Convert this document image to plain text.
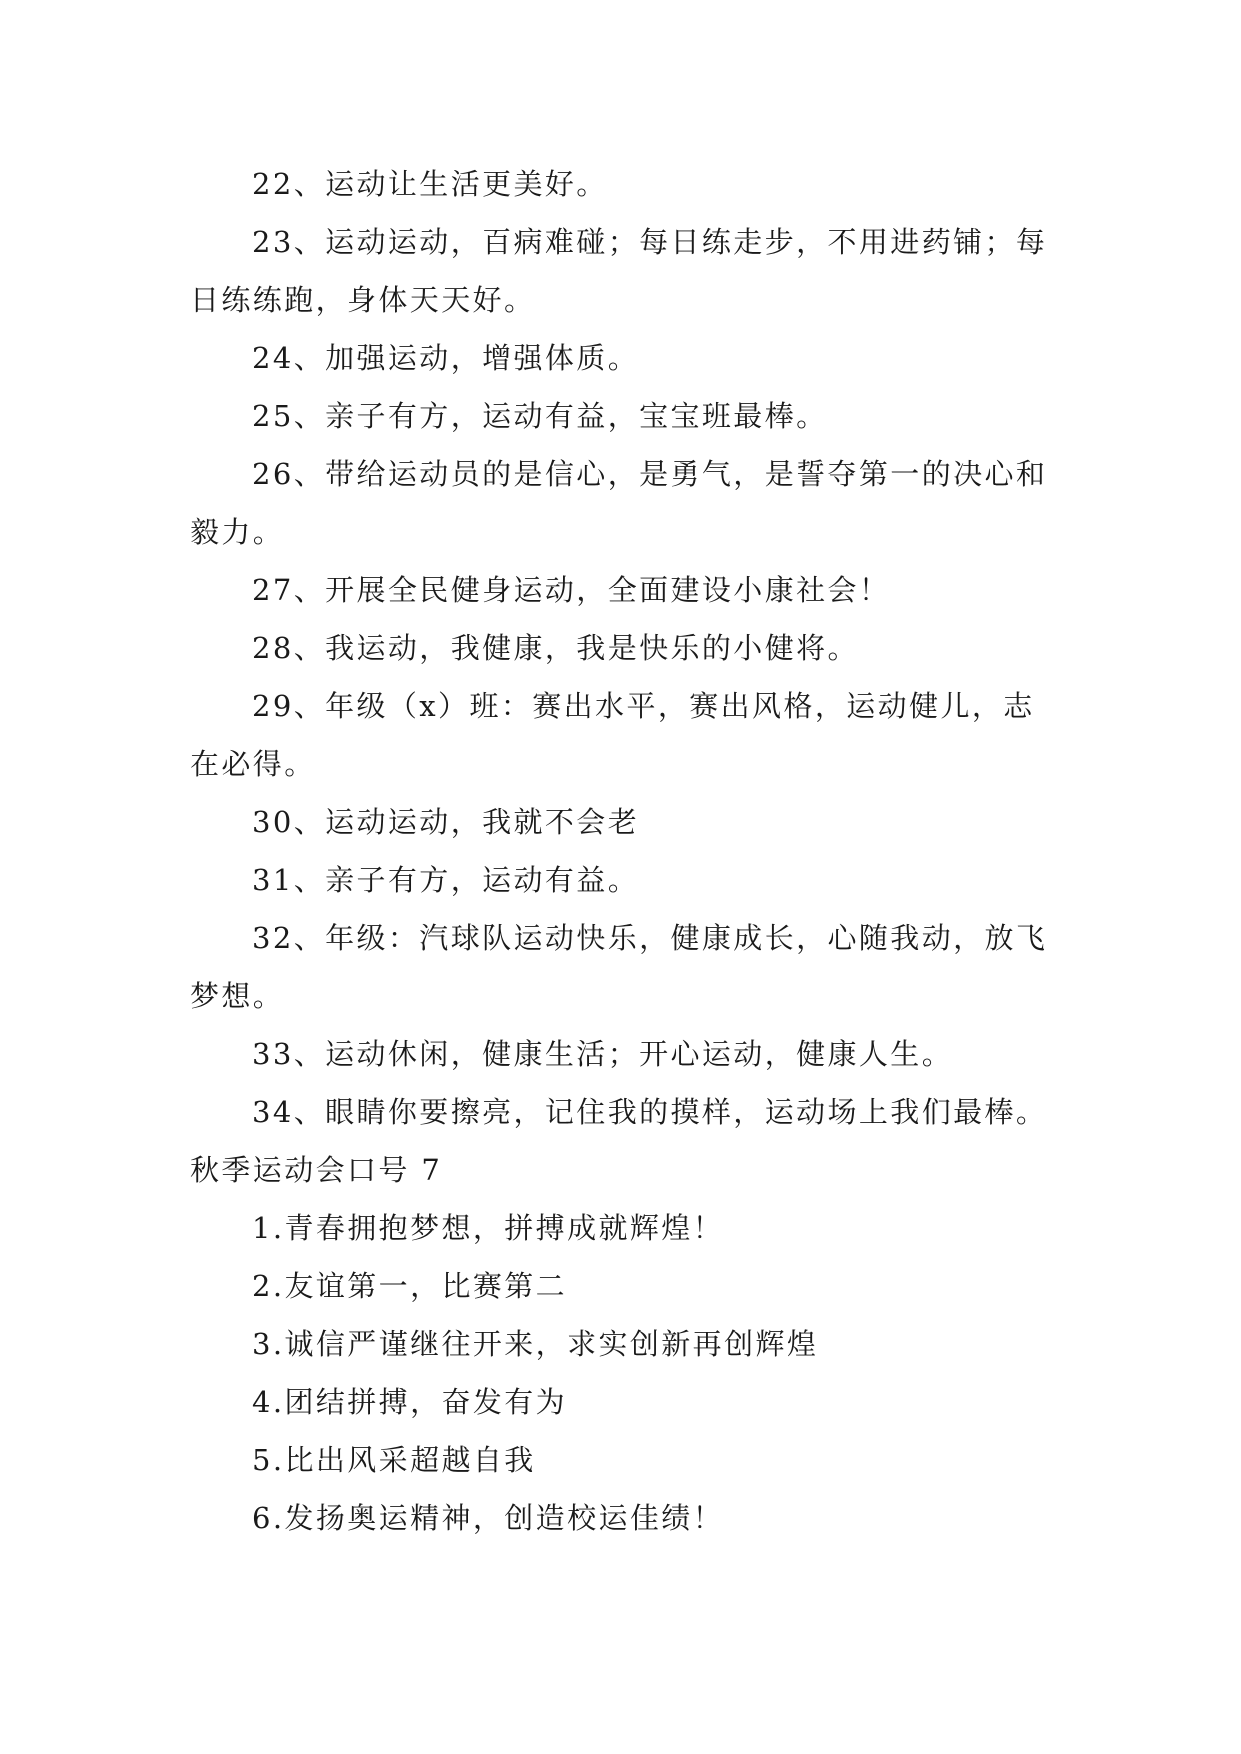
22、运动让生活更美好。

23、运动运动，百病难碰；每日练走步，不用进药铺；每日练练跑，身体天天好。

24、加强运动，增强体质。

25、亲子有方，运动有益，宝宝班最棒。

26、带给运动员的是信心，是勇气，是誓夺第一的决心和毅力。

27、开展全民健身运动，全面建设小康社会！

28、我运动，我健康，我是快乐的小健将。

29、年级（x）班：赛出水平，赛出风格，运动健儿，志在必得。

30、运动运动，我就不会老

31、亲子有方，运动有益。

32、年级：汽球队运动快乐，健康成长，心随我动，放飞梦想。

33、运动休闲，健康生活；开心运动，健康人生。

34、眼睛你要擦亮，记住我的摸样，运动场上我们最棒。

秋季运动会口号 7

1.青春拥抱梦想，拼搏成就辉煌！

2.友谊第一，比赛第二

3.诚信严谨继往开来，求实创新再创辉煌

4.团结拼搏，奋发有为

5.比出风采超越自我

6.发扬奥运精神，创造校运佳绩！
